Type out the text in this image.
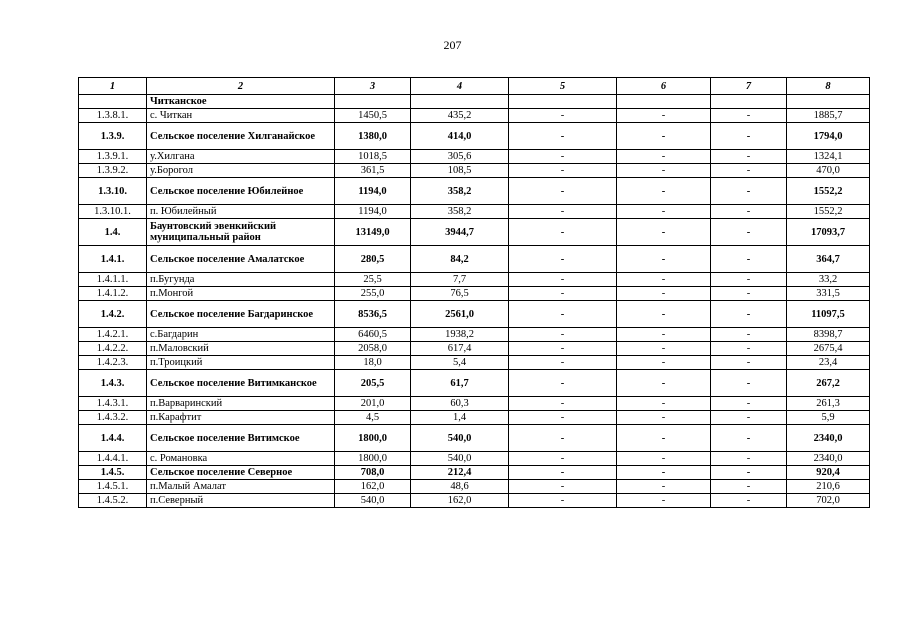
207
1	2	3	4	5	6	7	8
	Читканское						
1.3.8.1.	с. Читкан	1450,5	435,2	-	-	-	1885,7
1.3.9.	Сельское поселение Хилганайское	1380,0	414,0	-	-	-	1794,0
1.3.9.1.	у.Хилгана	1018,5	305,6	-	-	-	1324,1
1.3.9.2.	у.Борогол	361,5	108,5	-	-	-	470,0
1.3.10.	Сельское поселение Юбилейное	1194,0	358,2	-	-	-	1552,2
1.3.10.1.	п. Юбилейный	1194,0	358,2	-	-	-	1552,2
1.4.	Баунтовский эвенкийский муниципальный район	13149,0	3944,7	-	-	-	17093,7
1.4.1.	Сельское поселение Амалатское	280,5	84,2	-	-	-	364,7
1.4.1.1.	п.Бугунда	25,5	7,7	-	-	-	33,2
1.4.1.2.	п.Монгой	255,0	76,5	-	-	-	331,5
1.4.2.	Сельское поселение Багдаринское	8536,5	2561,0	-	-	-	11097,5
1.4.2.1.	с.Багдарин	6460,5	1938,2	-	-	-	8398,7
1.4.2.2.	п.Маловский	2058,0	617,4	-	-	-	2675,4
1.4.2.3.	п.Троицкий	18,0	5,4	-	-	-	23,4
1.4.3.	Сельское поселение Витимканское	205,5	61,7	-	-	-	267,2
1.4.3.1.	п.Варваринский	201,0	60,3	-	-	-	261,3
1.4.3.2.	п.Карафтит	4,5	1,4	-	-	-	5,9
1.4.4.	Сельское поселение Витимское	1800,0	540,0	-	-	-	2340,0
1.4.4.1.	с. Романовка	1800,0	540,0	-	-	-	2340,0
1.4.5.	Сельское поселение Северное	708,0	212,4	-	-	-	920,4
1.4.5.1.	п.Малый Амалат	162,0	48,6	-	-	-	210,6
1.4.5.2.	п.Северный	540,0	162,0	-	-	-	702,0
